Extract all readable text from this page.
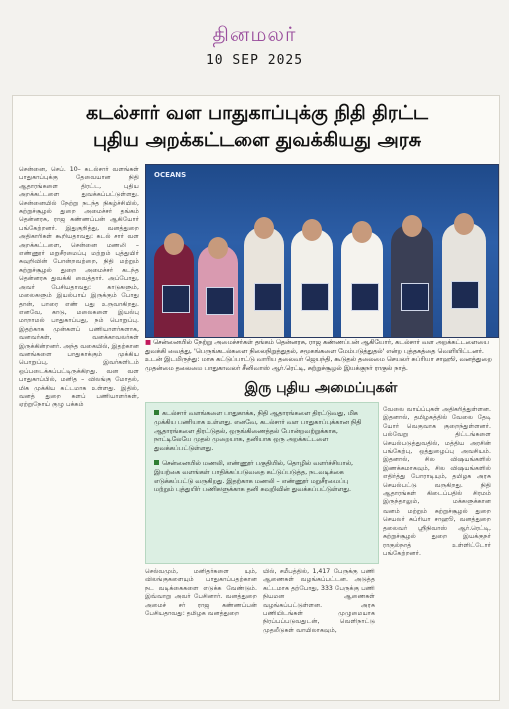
தினமலர்
10 SEP 2025
கடல்சார் வள பாதுகாப்புக்கு நிதி திரட்ட
புதிய அறக்கட்டளை துவக்கியது அரசு
சென்னை, செப். 10– கடல்சார் வளங்கள் பாதுகாப்புக்கு தேவையான நிதி ஆதாரங்களை திரட்ட, புதிய அறக்கட்டளை துவக்கப்பட்டுள்ளது. சென்னையில் நேற்று நடந்த நிகழ்ச்சியில், சுற்றுச்சூழல் துறை அமைச்சர் தங்கம் தென்னரசு, ராஜ கண்ணப்பன் ஆகியோர் பங்கேற்றனர். இதுகுறித்து, வனத்துறை அதிகாரிகள் கூறியதாவது: கடல் சார் வள அறக்கட்டளை, சென்னை மணலி – எண்ணூர் மறுசீரமைப்பு மற்றும் புத்துயிர் சுவுறிவின் போன்றவற்றை, நிதி மற்றும் சுற்றுச்சூழல் துறை அமைச்சர் கடந்த தென்னரசு துவக்கி வைத்தார். அப்போது, அவர் பேசியதாவது: காடுகளும், மலைகளும் இயல்பாய் இருக்கும் போது தான், பாரை எண் பது உருவாகிறது. எனவே, காடு, மலைகளை இயல்பு மாறாமல் பாதுகாப்பது, நம் பொறுப்பு. இதற்காக முன்களப் பணியாளர்களாக, வனவர்கள், வனக்காவலர்கள் இருக்கின்றனர். அந்த வகையில், இதற்கான வனங்களை பாதுகாக்கும் முக்கிய பொறுப்பு, இவர்களிடம் ஒப்படைக்கப்பட்டிருக்கிறது. வன வள பாதுகாப்பில், மனித – விலங்கு மோதல், மிக முக்கிய கட்டமாக உள்ளது. இதில், வனத் துறை களப் பணியாளர்கள், ஏற்றுநோய் குழு பக்கம்
OCEANS
■ சென்னையில் நேற்று அமைச்சர்கள் தங்கம் தென்னரசு, ராஜ கண்ணப்பன் ஆகியோர், கடல்சார் வள அறக்கட்டளையை துவக்கி வைத்து, 'பெருங்கடல்களை நிலைநிறுத்துதல், சமூகங்களை மேம்படுத்துதல்' என்ற புத்தகத்தை வெளியிட்டனர். உடன் இடமிருந்து: மாசு கட்டுப்பாட்டு வாரிய தலைவர் ஜெயந்தி, கூடுதல் தலைமை செயலர் சுப்ரியா சாஹூ, வனத்துறை முதன்மை தலைமை பாதுகாவலர் சீனிவாஸ் ஆர்.ரெட்டி, சுற்றுச்சூழல் இயக்குநர் ராகுல் நாத்.
இரு புதிய அமைப்புகள்

கடல்சார் வளங்களை பாதுகாக்க, நிதி ஆதாரங்களை திரட்டுவது, மிக முக்கிய பணியாக உள்ளது. எனவே, கடல்சார் வள பாதுகாப்புக்கான நிதி ஆதாரங்களை திரட்டுதல், ஒருங்கிணைத்தல் போன்றவற்றுக்காக, நாட்டிலேயே முதல் முறையாக, தனியாக ஒரு அறக்கட்டளை துவக்கப்பட்டுள்ளது.

சென்னையில் மணலி, எண்ணூர் பகுதியில், தொழில் வளர்ச்சியால், இயற்கை வளங்கள் பாதிக்கப்படுவதை கட்டுப்படுத்த, நடவடிக்கை எடுக்கப்பட்டு வருகிறது. இதற்காக மணலி – எண்ணூர் மறுசீரமைப்பு மற்றும் புத்துயிர் பணிகளுக்காக தனி சுவுறிவின் துவக்கப்பட்டுள்ளது.

வேலை வாய்ப்புகள் அதிகரித்துள்ளன. இதனால், தமிழகத்தில் வேலை தேடி யோர் வெகுவாக குறைந்துள்ளனர். பல்வேறு திட்டங்களை செயல்படுத்துவதில், மத்திய அரசின் பங்கேற்பு, ஒத்துழைப்பு அவசியம். இதனால், சில விஷயங்களில் இணக்கமாகவும், சில விஷயங்களில் எதிர்த்து போராடியும், தமிழக அரசு செயல்பட்டு வருகிறது. நிதி ஆதாரங்கள் கிடைப்பதில் சிரமம் இருந்தாலும், மக்களுக்கான
வனம் மற்றும் சுற்றுச்சூழல் துறை செயலர் சுப்ரியா சாஹூ, வனத்துறை தலைவர் ஸ்ரீநிவாஸ் ஆர்.ரெட்டி, சுற்றுச்சூழல் துறை இயக்குநர் ராகுல்நாத் உள்ளிட்டோர் பங்கேற்றனர்.
செல்வமும், மனிதர்களை யும், விலங்குகளையும் பாதுகாப்பதற்கான நட வடிக்கைகளை எடுக்க வேண்டும். இவ்வாறு அவர் பேசினார். வனத்துறை அமைச் சர் ராஜ கண்ணப்பன் பேசியதாவது: தமிழக வனத்துறை
யில், சமீபத்தில், 1,417 பேருக்கு பணி ஆணைகள் வழங்கப்பட்டன. அடுத்த கட்டமாக தற்போது, 333 பேருக்கு பணி நியமன ஆணைகள் வழங்கப்பட்டுள்ளன. அரசு பணியிடங்கள் முழுமையாக நிரப்பப்படுவதுடன், வெளிநாட்டு முதலீடுகள் வாயிலாகவும்,
